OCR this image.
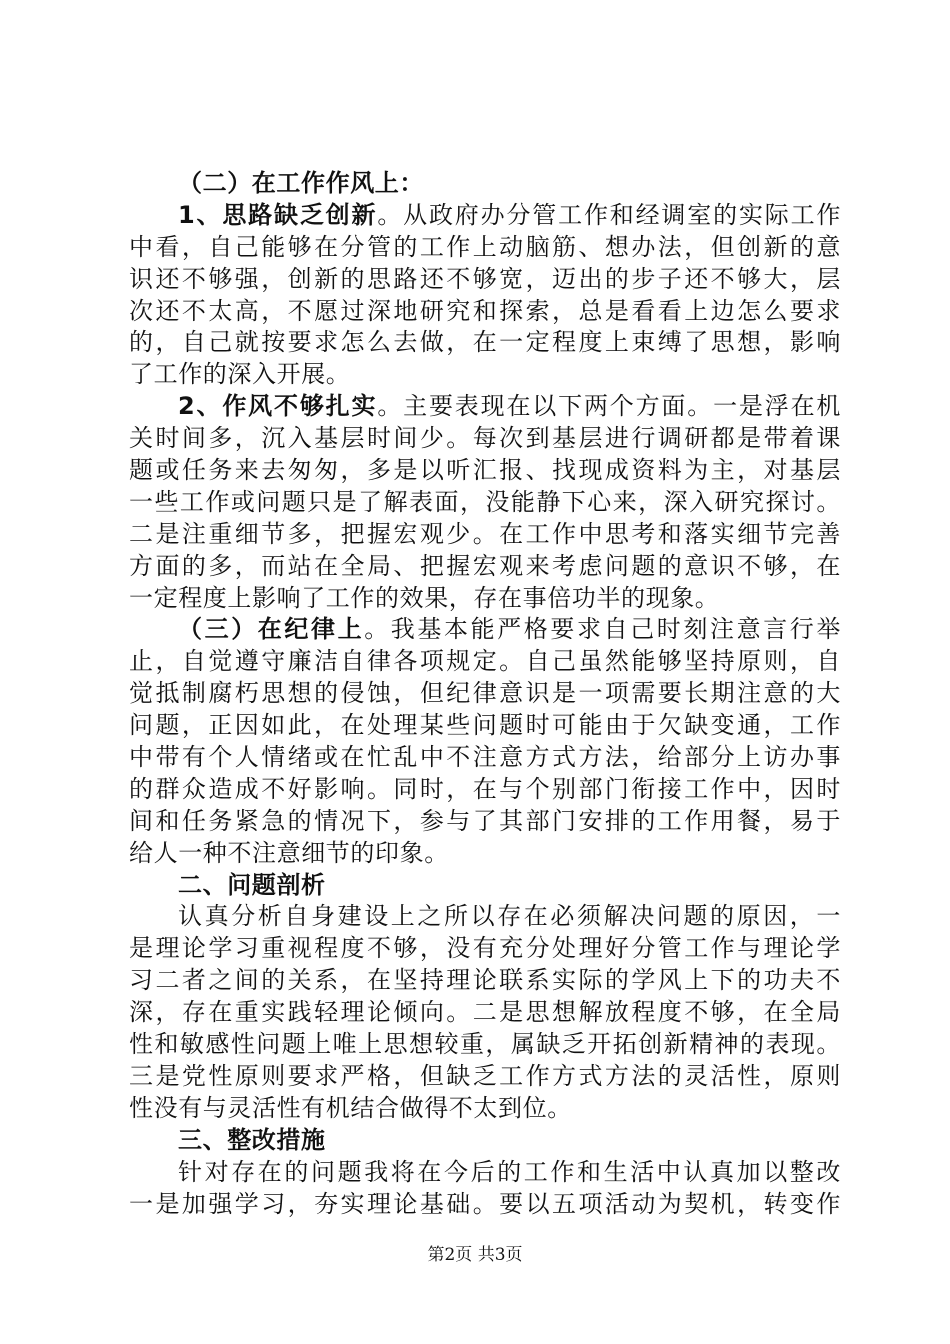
（二）在工作作风上：
1、思路缺乏创新。从政府办分管工作和经调室的实际工作
中看，自己能够在分管的工作上动脑筋、想办法，但创新的意
识还不够强，创新的思路还不够宽，迈出的步子还不够大，层
次还不太高，不愿过深地研究和探索，总是看看上边怎么要求
的，自己就按要求怎么去做，在一定程度上束缚了思想，影响
了工作的深入开展。
2、作风不够扎实。主要表现在以下两个方面。一是浮在机
关时间多，沉入基层时间少。每次到基层进行调研都是带着课
题或任务来去匆匆，多是以听汇报、找现成资料为主，对基层
一些工作或问题只是了解表面，没能静下心来，深入研究探讨。
二是注重细节多，把握宏观少。在工作中思考和落实细节完善
方面的多，而站在全局、把握宏观来考虑问题的意识不够，在
一定程度上影响了工作的效果，存在事倍功半的现象。
（三）在纪律上。我基本能严格要求自己时刻注意言行举
止，自觉遵守廉洁自律各项规定。自己虽然能够坚持原则，自
觉抵制腐朽思想的侵蚀，但纪律意识是一项需要长期注意的大
问题，正因如此，在处理某些问题时可能由于欠缺变通，工作
中带有个人情绪或在忙乱中不注意方式方法，给部分上访办事
的群众造成不好影响。同时，在与个别部门衔接工作中，因时
间和任务紧急的情况下，参与了其部门安排的工作用餐，易于
给人一种不注意细节的印象。
二、问题剖析
认真分析自身建设上之所以存在必须解决问题的原因，一
是理论学习重视程度不够，没有充分处理好分管工作与理论学
习二者之间的关系，在坚持理论联系实际的学风上下的功夫不
深，存在重实践轻理论倾向。二是思想解放程度不够，在全局
性和敏感性问题上唯上思想较重，属缺乏开拓创新精神的表现。
三是党性原则要求严格，但缺乏工作方式方法的灵活性，原则
性没有与灵活性有机结合做得不太到位。
三、整改措施
针对存在的问题我将在今后的工作和生活中认真加以整改
一是加强学习，夯实理论基础。要以五项活动为契机，转变作
第2页 共3页
